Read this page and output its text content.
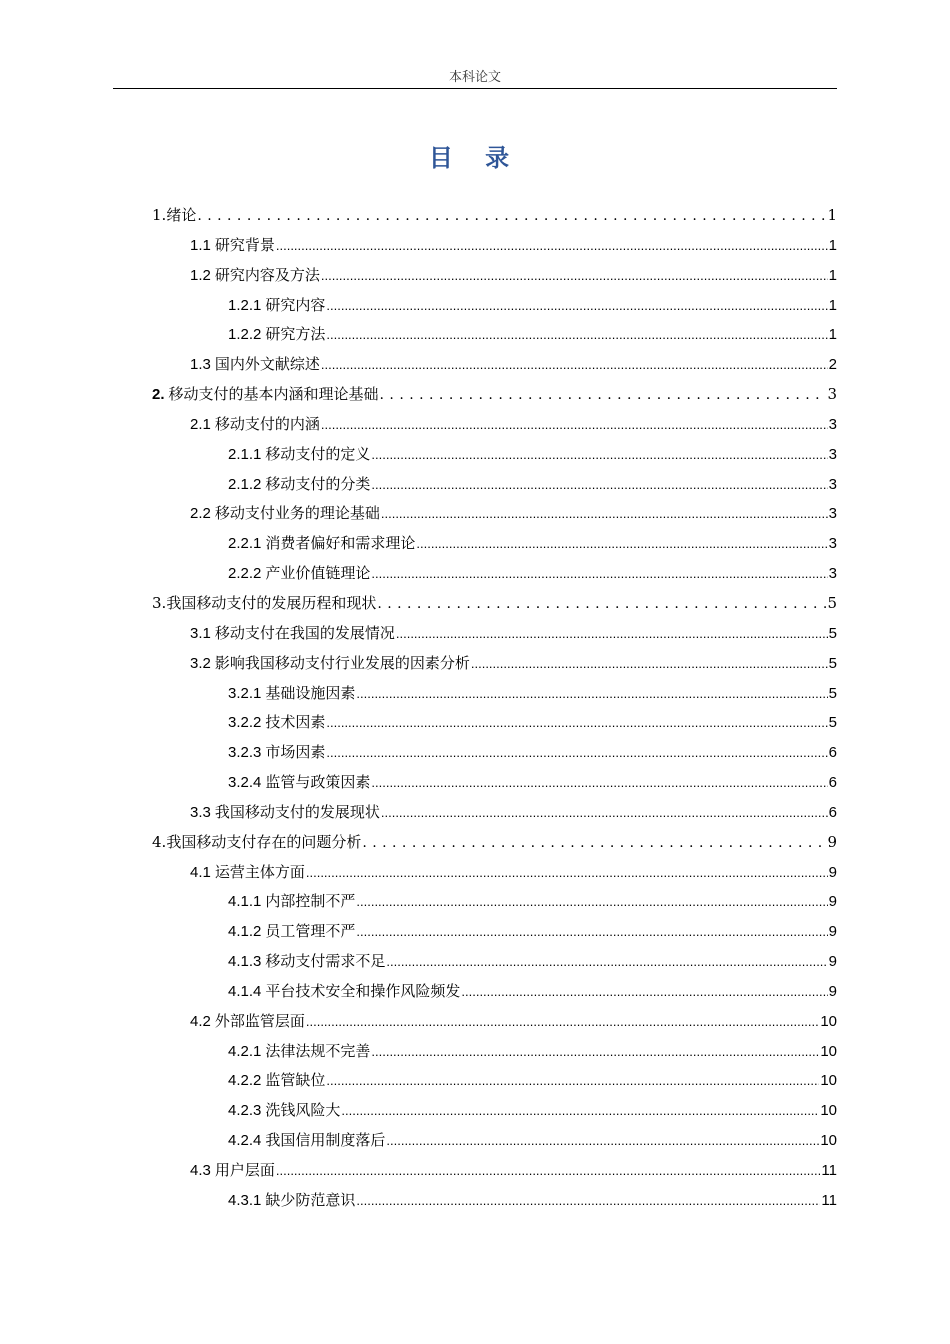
本科论文
目 录
1. 绪论 . . .	1
1.1 研究背景 .....	1
1.2 研究内容及方法 .....	1
1.2.1 研究内容 .....	1
1.2.2 研究方法 .....	1
1.3 国内外文献综述 .....	2
2. 移动支付的基本内涵和理论基础 . . .	3
2.1 移动支付的内涵 .....	3
2.1.1 移动支付的定义 .....	3
2.1.2 移动支付的分类 .....	3
2.2 移动支付业务的理论基础 .....	3
2.2.1 消费者偏好和需求理论 .....	3
2.2.2 产业价值链理论 .....	3
3. 我国移动支付的发展历程和现状 . . .	5
3.1 移动支付在我国的发展情况 .....	5
3.2 影响我国移动支付行业发展的因素分析 .....	5
3.2.1 基础设施因素 .....	5
3.2.2 技术因素 .....	5
3.2.3 市场因素 .....	6
3.2.4 监管与政策因素 .....	6
3.3 我国移动支付的发展现状 .....	6
4. 我国移动支付存在的问题分析 . . .	9
4.1 运营主体方面 .....	9
4.1.1 内部控制不严 .....	9
4.1.2 员工管理不严 .....	9
4.1.3 移动支付需求不足 .....	9
4.1.4 平台技术安全和操作风险频发 .....	9
4.2 外部监管层面 .....	10
4.2.1 法律法规不完善 .....	10
4.2.2 监管缺位 .....	10
4.2.3 洗钱风险大 .....	10
4.2.4 我国信用制度落后 .....	10
4.3 用户层面 .....	11
4.3.1 缺少防范意识 .....	11
